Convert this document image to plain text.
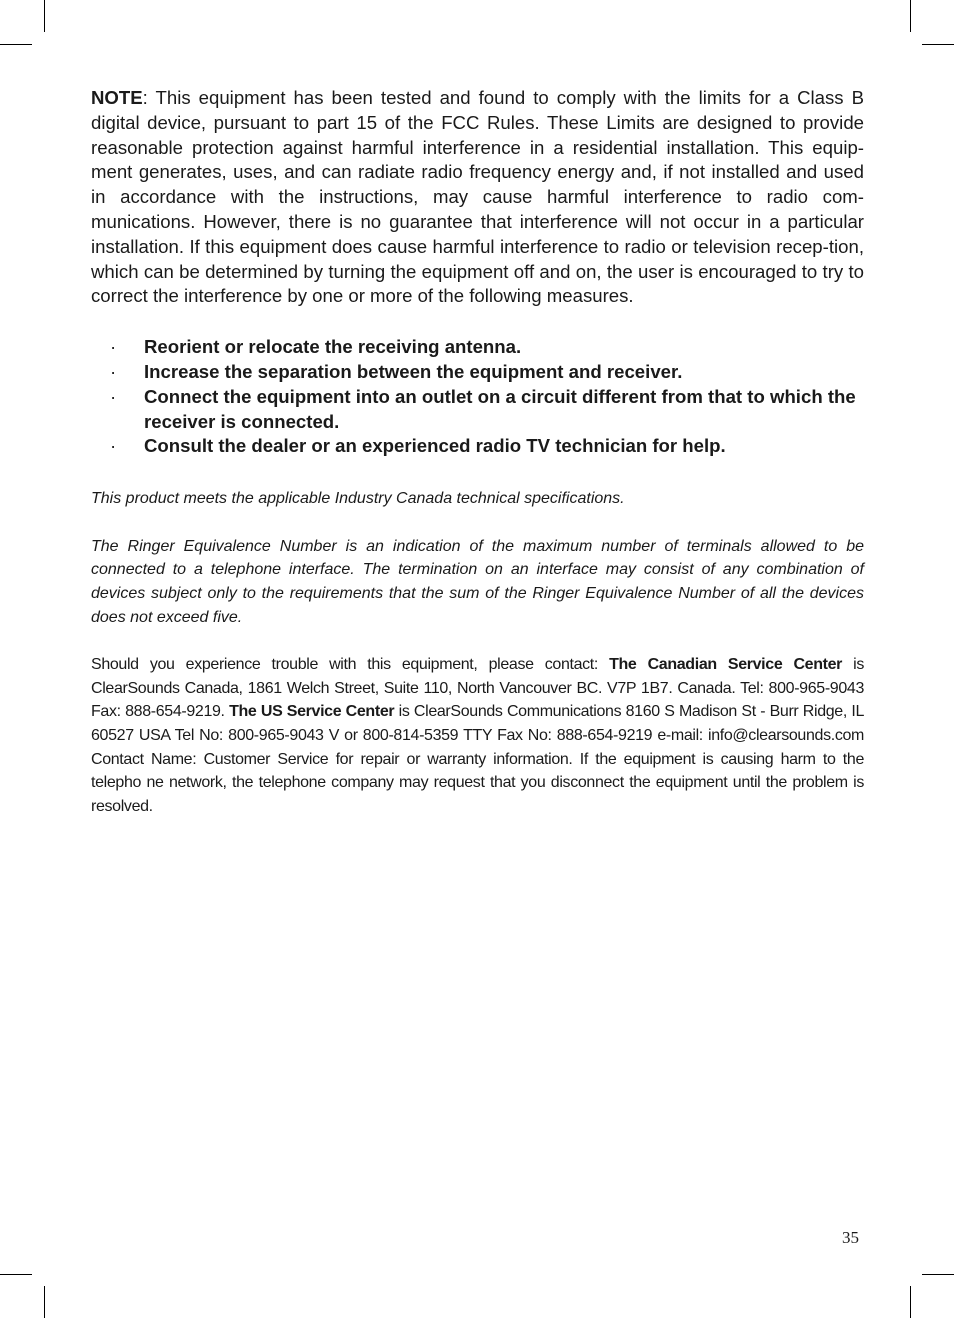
NOTE: This equipment has been tested and found to comply with the limits for a Class B digital device, pursuant to part 15 of the FCC Rules. These Limits are designed to provide reasonable protection against harmful interference in a residential installation. This equip-ment generates, uses, and can radiate radio frequency energy and, if not installed and used in accordance with the instructions, may cause harmful interference to radio com-munications. However, there is no guarantee that interference will not occur in a particular installation. If this equipment does cause harmful interference to radio or television recep-tion, which can be determined by turning the equipment off and on, the user is encouraged to try to correct the interference by one or more of the following measures.

· Reorient or relocate the receiving antenna.
· Increase the separation between the equipment and receiver.
· Connect the equipment into an outlet on a circuit different from that to which the receiver is connected.
· Consult the dealer or an experienced radio TV technician for help.

This product meets the applicable Industry Canada technical specifications.

The Ringer Equivalence Number is an indication of the maximum number of terminals allowed to be connected to a telephone interface. The termination on an interface may consist of any combination of devices subject only to the requirements that the sum of the Ringer Equivalence Number of all the devices does not exceed five.

Should you experience trouble with this equipment, please contact: The Canadian Service Center is ClearSounds Canada, 1861 Welch Street, Suite 110, North Vancouver BC. V7P 1B7. Canada. Tel: 800-965-9043 Fax: 888-654-9219. The US Service Center is ClearSounds Communications 8160 S Madison St - Burr Ridge, IL 60527 USA Tel No: 800-965-9043 V or 800-814-5359 TTY Fax No: 888-654-9219 e-mail: info@clearsounds.com Contact Name: Customer Service for repair or warranty information. If the equipment is causing harm to the telepho ne network, the telephone company may request that you disconnect the equipment until the problem is resolved.

35
